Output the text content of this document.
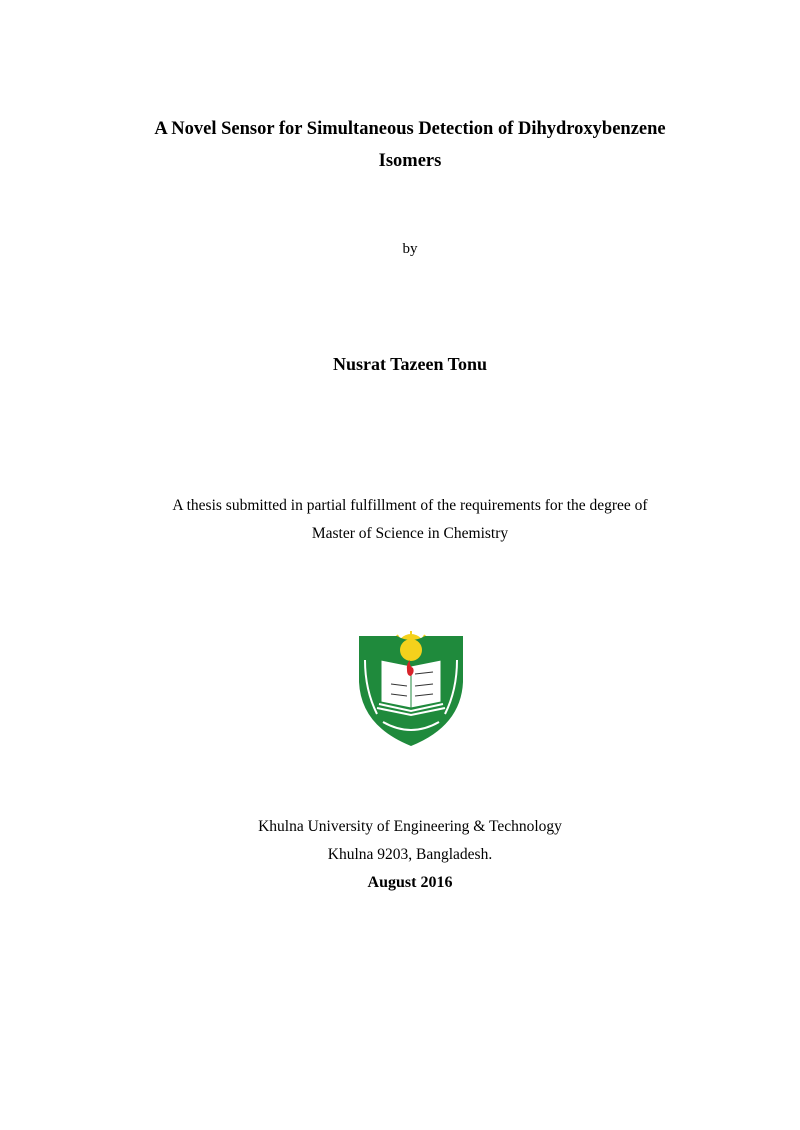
A Novel Sensor for Simultaneous Detection of Dihydroxybenzene
Isomers
by
Nusrat Tazeen Tonu
A thesis submitted in partial fulfillment of the requirements for the degree of
Master of Science in Chemistry
Khulna University of Engineering & Technology
Khulna 9203, Bangladesh.
August 2016
